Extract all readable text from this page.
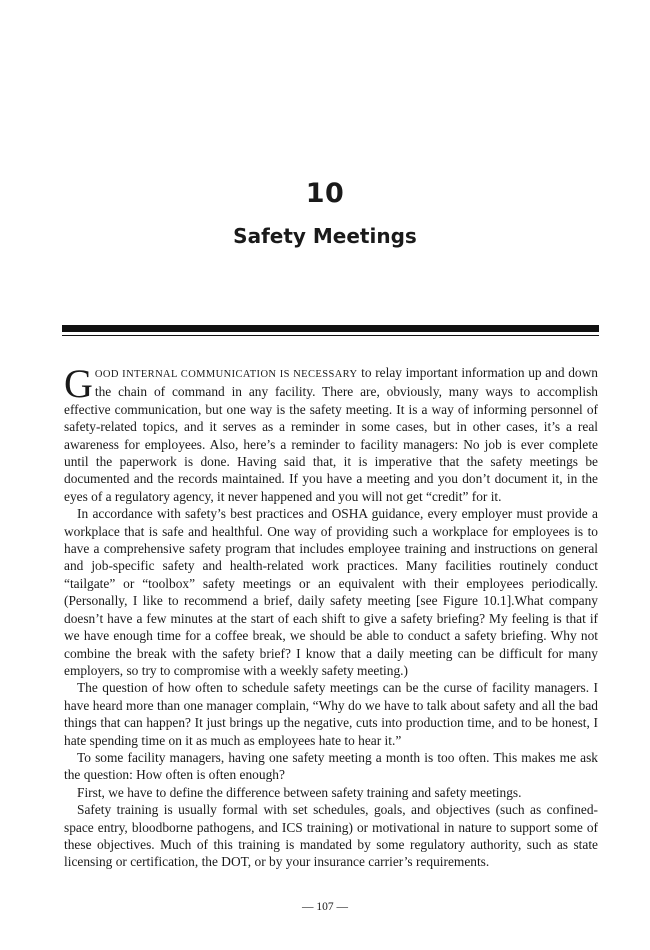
10
Safety Meetings

GOOD INTERNAL COMMUNICATION IS NECESSARY to relay important information up and down the chain of command in any facility. There are, obviously, many ways to accomplish effective communication, but one way is the safety meeting. It is a way of informing personnel of safety-related topics, and it serves as a reminder in some cases, but in other cases, it’s a real awareness for employees. Also, here’s a reminder to facility managers: No job is ever complete until the paperwork is done. Having said that, it is imperative that the safety meetings be documented and the records maintained. If you have a meeting and you don’t document it, in the eyes of a regulatory agency, it never happened and you will not get “credit” for it.

In accordance with safety’s best practices and OSHA guidance, every employer must provide a workplace that is safe and healthful. One way of providing such a workplace for employees is to have a comprehensive safety program that includes employee training and instructions on general and job-specific safety and health-related work practices. Many facilities routinely conduct “tailgate” or “toolbox” safety meetings or an equivalent with their employees periodically. (Personally, I like to recommend a brief, daily safety meeting [see Figure 10.1].What company doesn’t have a few minutes at the start of each shift to give a safety briefing? My feeling is that if we have enough time for a coffee break, we should be able to conduct a safety briefing. Why not combine the break with the safety brief? I know that a daily meeting can be difficult for many employers, so try to compromise with a weekly safety meeting.)

The question of how often to schedule safety meetings can be the curse of facility managers. I have heard more than one manager complain, “Why do we have to talk about safety and all the bad things that can happen? It just brings up the negative, cuts into production time, and to be honest, I hate spending time on it as much as employees hate to hear it.”

To some facility managers, having one safety meeting a month is too often. This makes me ask the question: How often is often enough?

First, we have to define the difference between safety training and safety meetings.

Safety training is usually formal with set schedules, goals, and objectives (such as confined-space entry, bloodborne pathogens, and ICS training) or motivational in nature to support some of these objectives. Much of this training is mandated by some regulatory authority, such as state licensing or certification, the DOT, or by your insurance carrier’s requirements.

— 107 —
